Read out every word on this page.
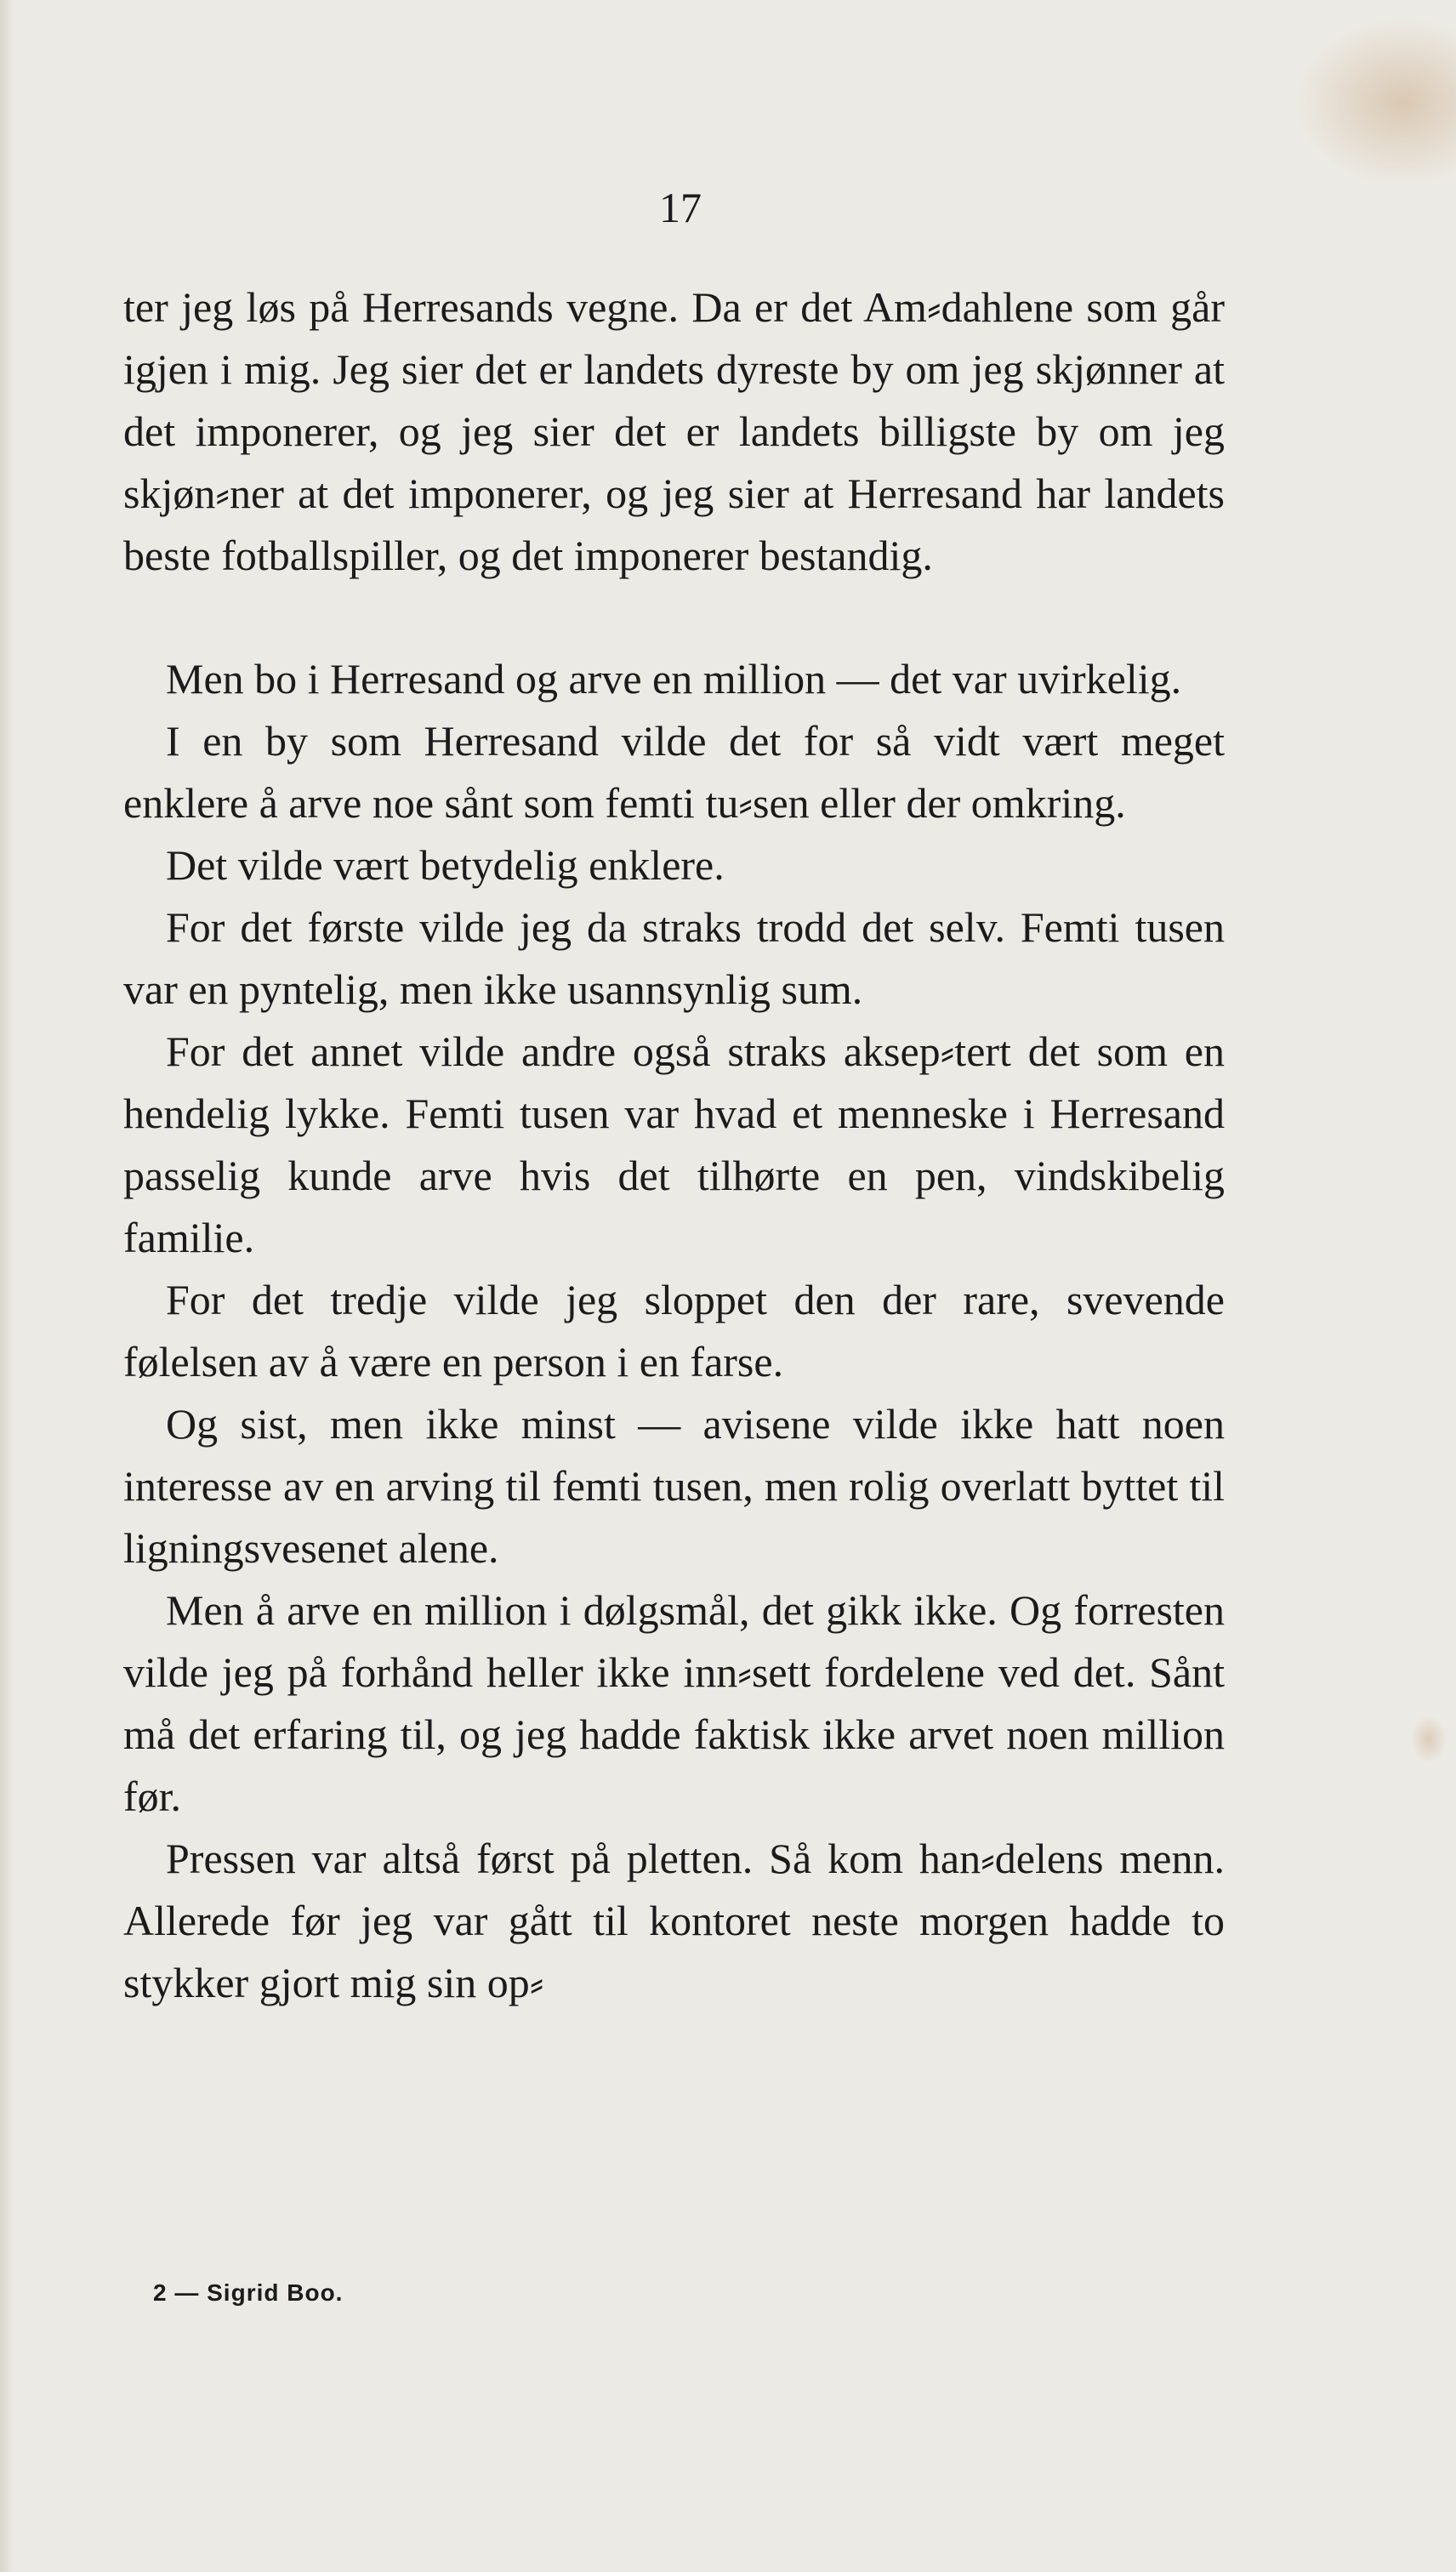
17

ter jeg løs på Herresands vegne. Da er det Am⸗dahlene som går igjen i mig. Jeg sier det er landets dyreste by om jeg skjønner at det imponerer, og jeg sier det er landets billigste by om jeg skjøn⸗ner at det imponerer, og jeg sier at Herresand har landets beste fotballspiller, og det imponerer bestandig.

Men bo i Herresand og arve en million — det var uvirkelig.

I en by som Herresand vilde det for så vidt vært meget enklere å arve noe sånt som femti tu⸗sen eller der omkring.

Det vilde vært betydelig enklere.

For det første vilde jeg da straks trodd det selv. Femti tusen var en pyntelig, men ikke usannsynlig sum.

For det annet vilde andre også straks aksep⸗tert det som en hendelig lykke. Femti tusen var hvad et menneske i Herresand passelig kunde arve hvis det tilhørte en pen, vindskibelig familie.

For det tredje vilde jeg sloppet den der rare, svevende følelsen av å være en person i en farse.

Og sist, men ikke minst — avisene vilde ikke hatt noen interesse av en arving til femti tusen, men rolig overlatt byttet til ligningsvesenet alene.

Men å arve en million i dølgsmål, det gikk ikke. Og forresten vilde jeg på forhånd heller ikke inn⸗sett fordelene ved det. Sånt må det erfaring til, og jeg hadde faktisk ikke arvet noen million før.

Pressen var altså først på pletten. Så kom han⸗delens menn. Allerede før jeg var gått til kontoret neste morgen hadde to stykker gjort mig sin op⸗

2 — Sigrid Boo.
